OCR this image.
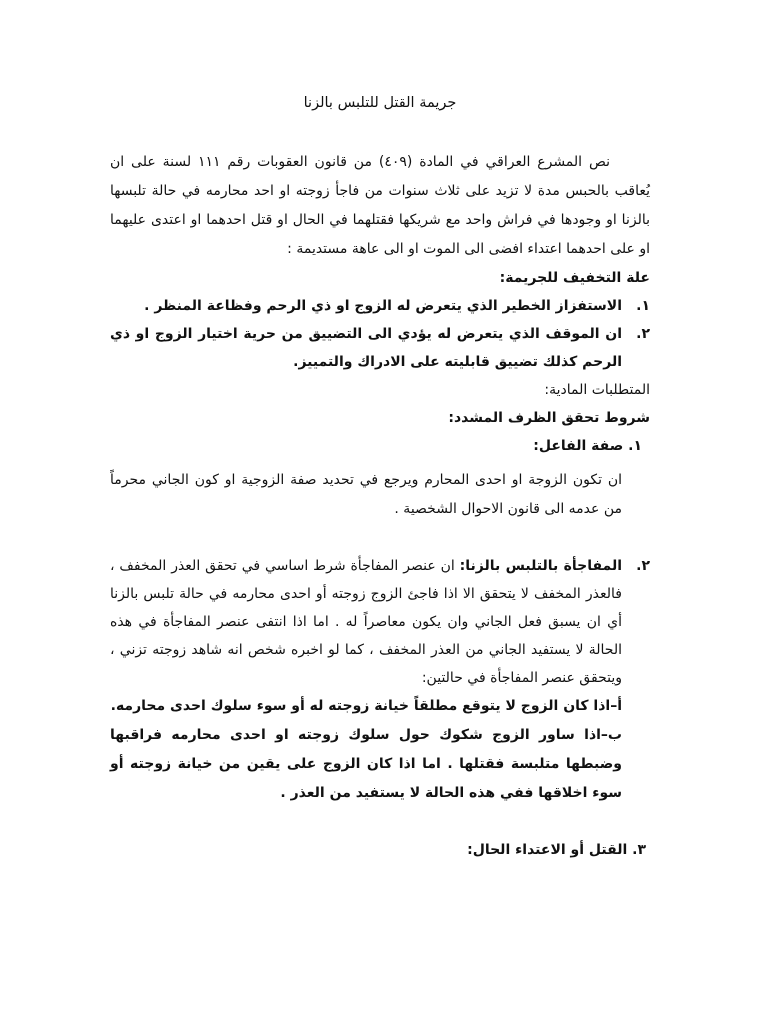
جريمة القتل للتلبس بالزنا

نص المشرع العراقي في المادة (٤٠٩) من قانون العقوبات رقم ١١١ لسنة على ان يُعاقب بالحبس مدة لا تزيد على ثلاث سنوات من فاجأ زوجته او احد محارمه في حالة تلبسها بالزنا او وجودها في فراش واحد مع شريكها فقتلهما في الحال او قتل احدهما او اعتدى عليهما او على احدهما اعتداء افضى الى الموت او الى عاهة مستديمة :

علة التخفيف للجريمة:

١.
الاستفزاز الخطير الذي يتعرض له الزوج او ذي الرحم وفظاعة المنظر .
٢.
ان الموقف الذي يتعرض له يؤدي الى التضييق من حرية اختيار الزوج او ذي الرحم كذلك تضييق قابليته على الادراك والتمييز.

المتطلبات المادية:

شروط تحقق الظرف المشدد:

١. صفة الفاعل:

ان تكون الزوجة او احدى المحارم ويرجع في تحديد صفة الزوجية او كون الجاني محرماً من عدمه الى قانون الاحوال الشخصية .

٢.
المفاجأة بالتلبس بالزنا: ان عنصر المفاجأة شرط اساسي في تحقق العذر المخفف ، فالعذر المخفف لا يتحقق الا اذا فاجئ الزوج زوجته أو احدى محارمه في حالة تلبس بالزنا أي ان يسبق فعل الجاني وان يكون معاصراً له . اما اذا انتفى عنصر المفاجأة في هذه الحالة لا يستفيد الجاني من العذر المخفف ، كما لو اخبره شخص انه شاهد زوجته تزني ، ويتحقق عنصر المفاجأة في حالتين:

أ–اذا كان الزوج لا يتوقع مطلقاً خيانة زوجته له أو سوء سلوك احدى محارمه.

ب–اذا ساور الزوج شكوك حول سلوك زوجته او احدى محارمه فراقبها وضبطها متلبسة فقتلها . اما اذا كان الزوج على يقين من خيانة زوجته أو سوء اخلاقها ففي هذه الحالة لا يستفيد من العذر .

٣. القتل أو الاعتداء الحال:
